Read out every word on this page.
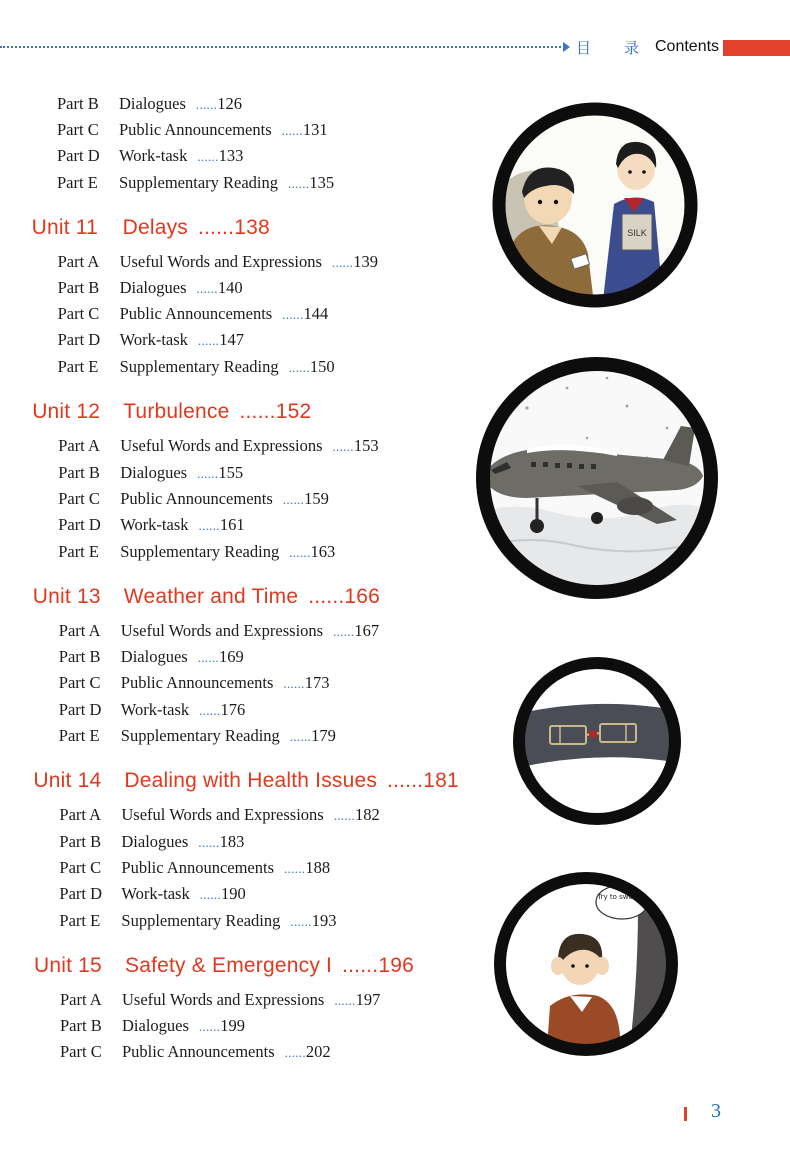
目 录 Contents
Part B Dialogues ......126
Part C Public Announcements ......131
Part D Work-task ......133
Part E Supplementary Reading ......135
Unit 11 Delays ......138
Part A Useful Words and Expressions ......139
Part B Dialogues ......140
Part C Public Announcements ......144
Part D Work-task ......147
Part E Supplementary Reading ......150
Unit 12 Turbulence ......152
Part A Useful Words and Expressions ......153
Part B Dialogues ......155
Part C Public Announcements ......159
Part D Work-task ......161
Part E Supplementary Reading ......163
Unit 13 Weather and Time ......166
Part A Useful Words and Expressions ......167
Part B Dialogues ......169
Part C Public Announcements ......173
Part D Work-task ......176
Part E Supplementary Reading ......179
Unit 14 Dealing with Health Issues ......181
Part A Useful Words and Expressions ......182
Part B Dialogues ......183
Part C Public Announcements ......188
Part D Work-task ......190
Part E Supplementary Reading ......193
Unit 15 Safety & Emergency I ......196
Part A Useful Words and Expressions ......197
Part B Dialogues ......199
Part C Public Announcements ......202
SILK
Try to swallow
3
